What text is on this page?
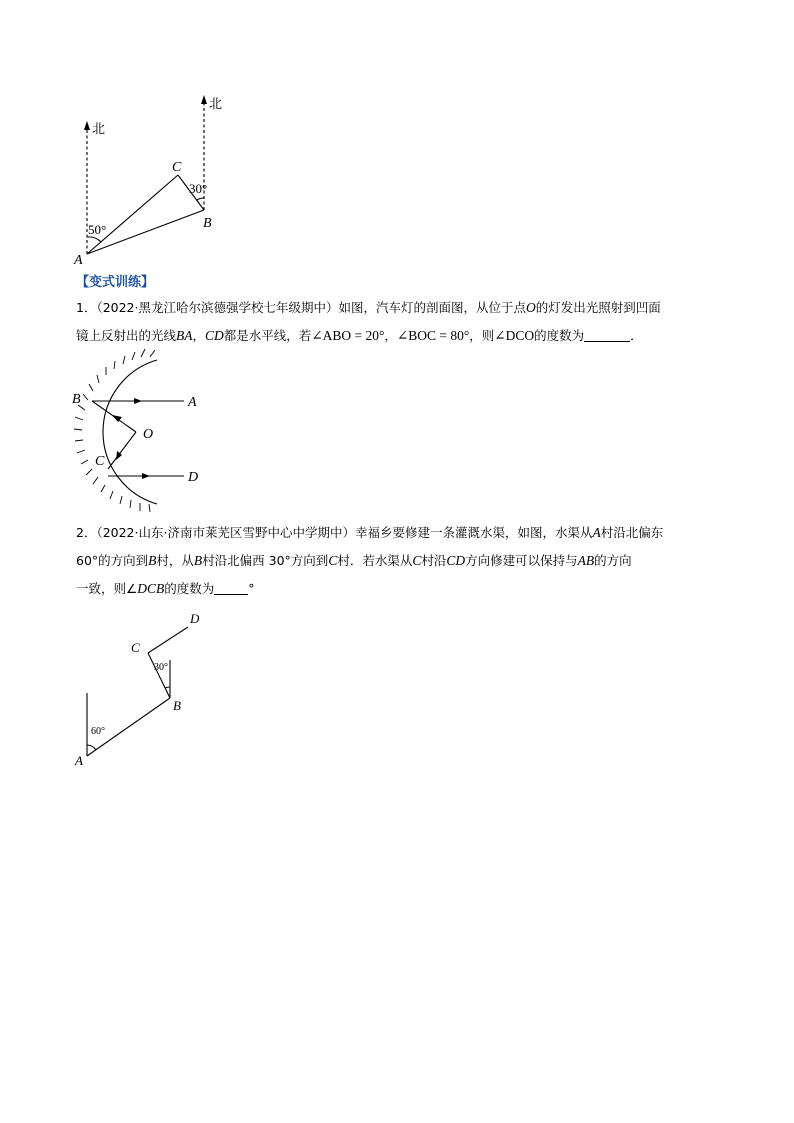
北
北
A
B
C
50°
30°
【变式训练】
1．（2022·黑龙江哈尔滨德强学校七年级期中）如图，汽车灯的剖面图，从位于点O的灯发出光照射到凹面
镜上反射出的光线BA，CD都是水平线，若∠ABO = 20°，∠BOC = 80°，则∠DCO的度数为	．
B	A
O
C
D
2．（2022·山东·济南市莱芜区雪野中心中学期中）幸福乡要修建一条灌溉水渠，如图，水渠从A村沿北偏东
60°的方向到B村，从B村沿北偏西 30°方向到C村．若水渠从C村沿CD方向修建可以保持与AB的方向
一致，则∠DCB的度数为	°
A
B
C
D
60°
30°
